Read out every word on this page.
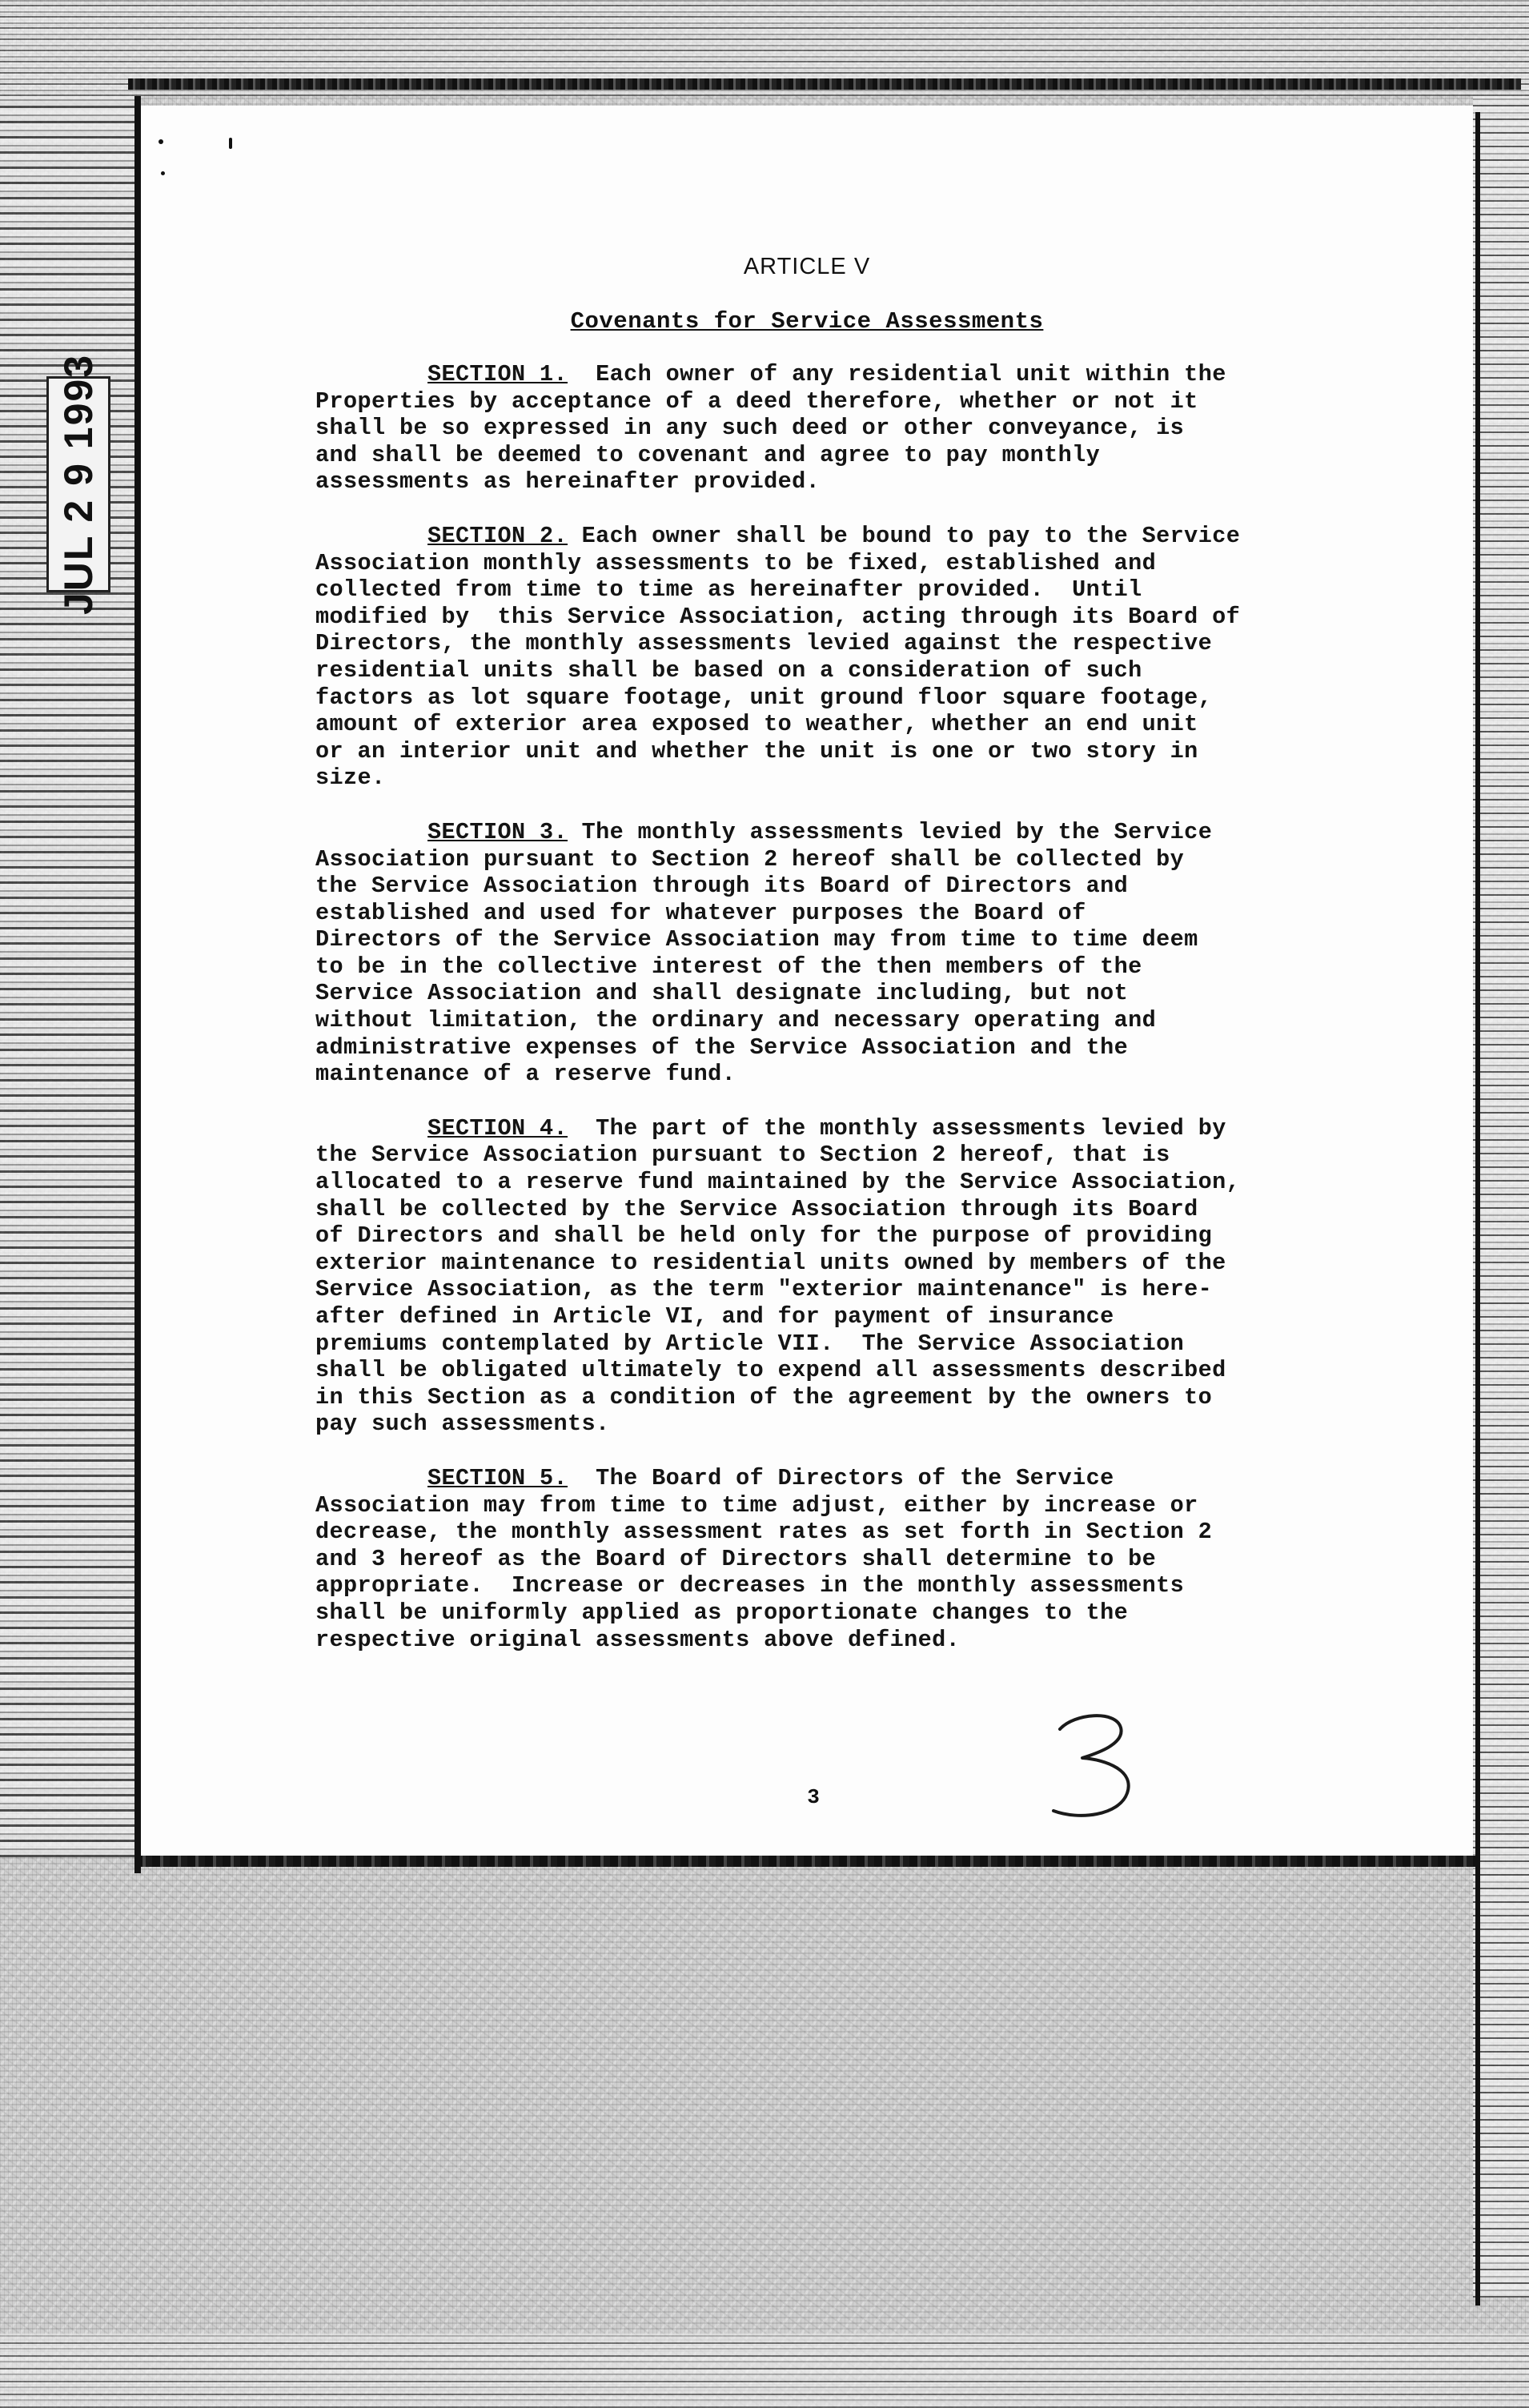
JUL 2 9 1993
ARTICLE V
Covenants for Service Assessments
SECTION 1.  Each owner of any residential unit within the
Properties by acceptance of a deed therefore, whether or not it
shall be so expressed in any such deed or other conveyance, is
and shall be deemed to covenant and agree to pay monthly
assessments as hereinafter provided.
SECTION 2. Each owner shall be bound to pay to the Service
Association monthly assessments to be fixed, established and
collected from time to time as hereinafter provided.  Until
modified by  this Service Association, acting through its Board of
Directors, the monthly assessments levied against the respective
residential units shall be based on a consideration of such
factors as lot square footage, unit ground floor square footage,
amount of exterior area exposed to weather, whether an end unit
or an interior unit and whether the unit is one or two story in
size.
SECTION 3. The monthly assessments levied by the Service
Association pursuant to Section 2 hereof shall be collected by
the Service Association through its Board of Directors and
established and used for whatever purposes the Board of
Directors of the Service Association may from time to time deem
to be in the collective interest of the then members of the
Service Association and shall designate including, but not
without limitation, the ordinary and necessary operating and
administrative expenses of the Service Association and the
maintenance of a reserve fund.
SECTION 4.  The part of the monthly assessments levied by
the Service Association pursuant to Section 2 hereof, that is
allocated to a reserve fund maintained by the Service Association,
shall be collected by the Service Association through its Board
of Directors and shall be held only for the purpose of providing
exterior maintenance to residential units owned by members of the
Service Association, as the term "exterior maintenance" is here-
after defined in Article VI, and for payment of insurance
premiums contemplated by Article VII.  The Service Association
shall be obligated ultimately to expend all assessments described
in this Section as a condition of the agreement by the owners to
pay such assessments.
SECTION 5.  The Board of Directors of the Service
Association may from time to time adjust, either by increase or
decrease, the monthly assessment rates as set forth in Section 2
and 3 hereof as the Board of Directors shall determine to be
appropriate.  Increase or decreases in the monthly assessments
shall be uniformly applied as proportionate changes to the
respective original assessments above defined.
3
